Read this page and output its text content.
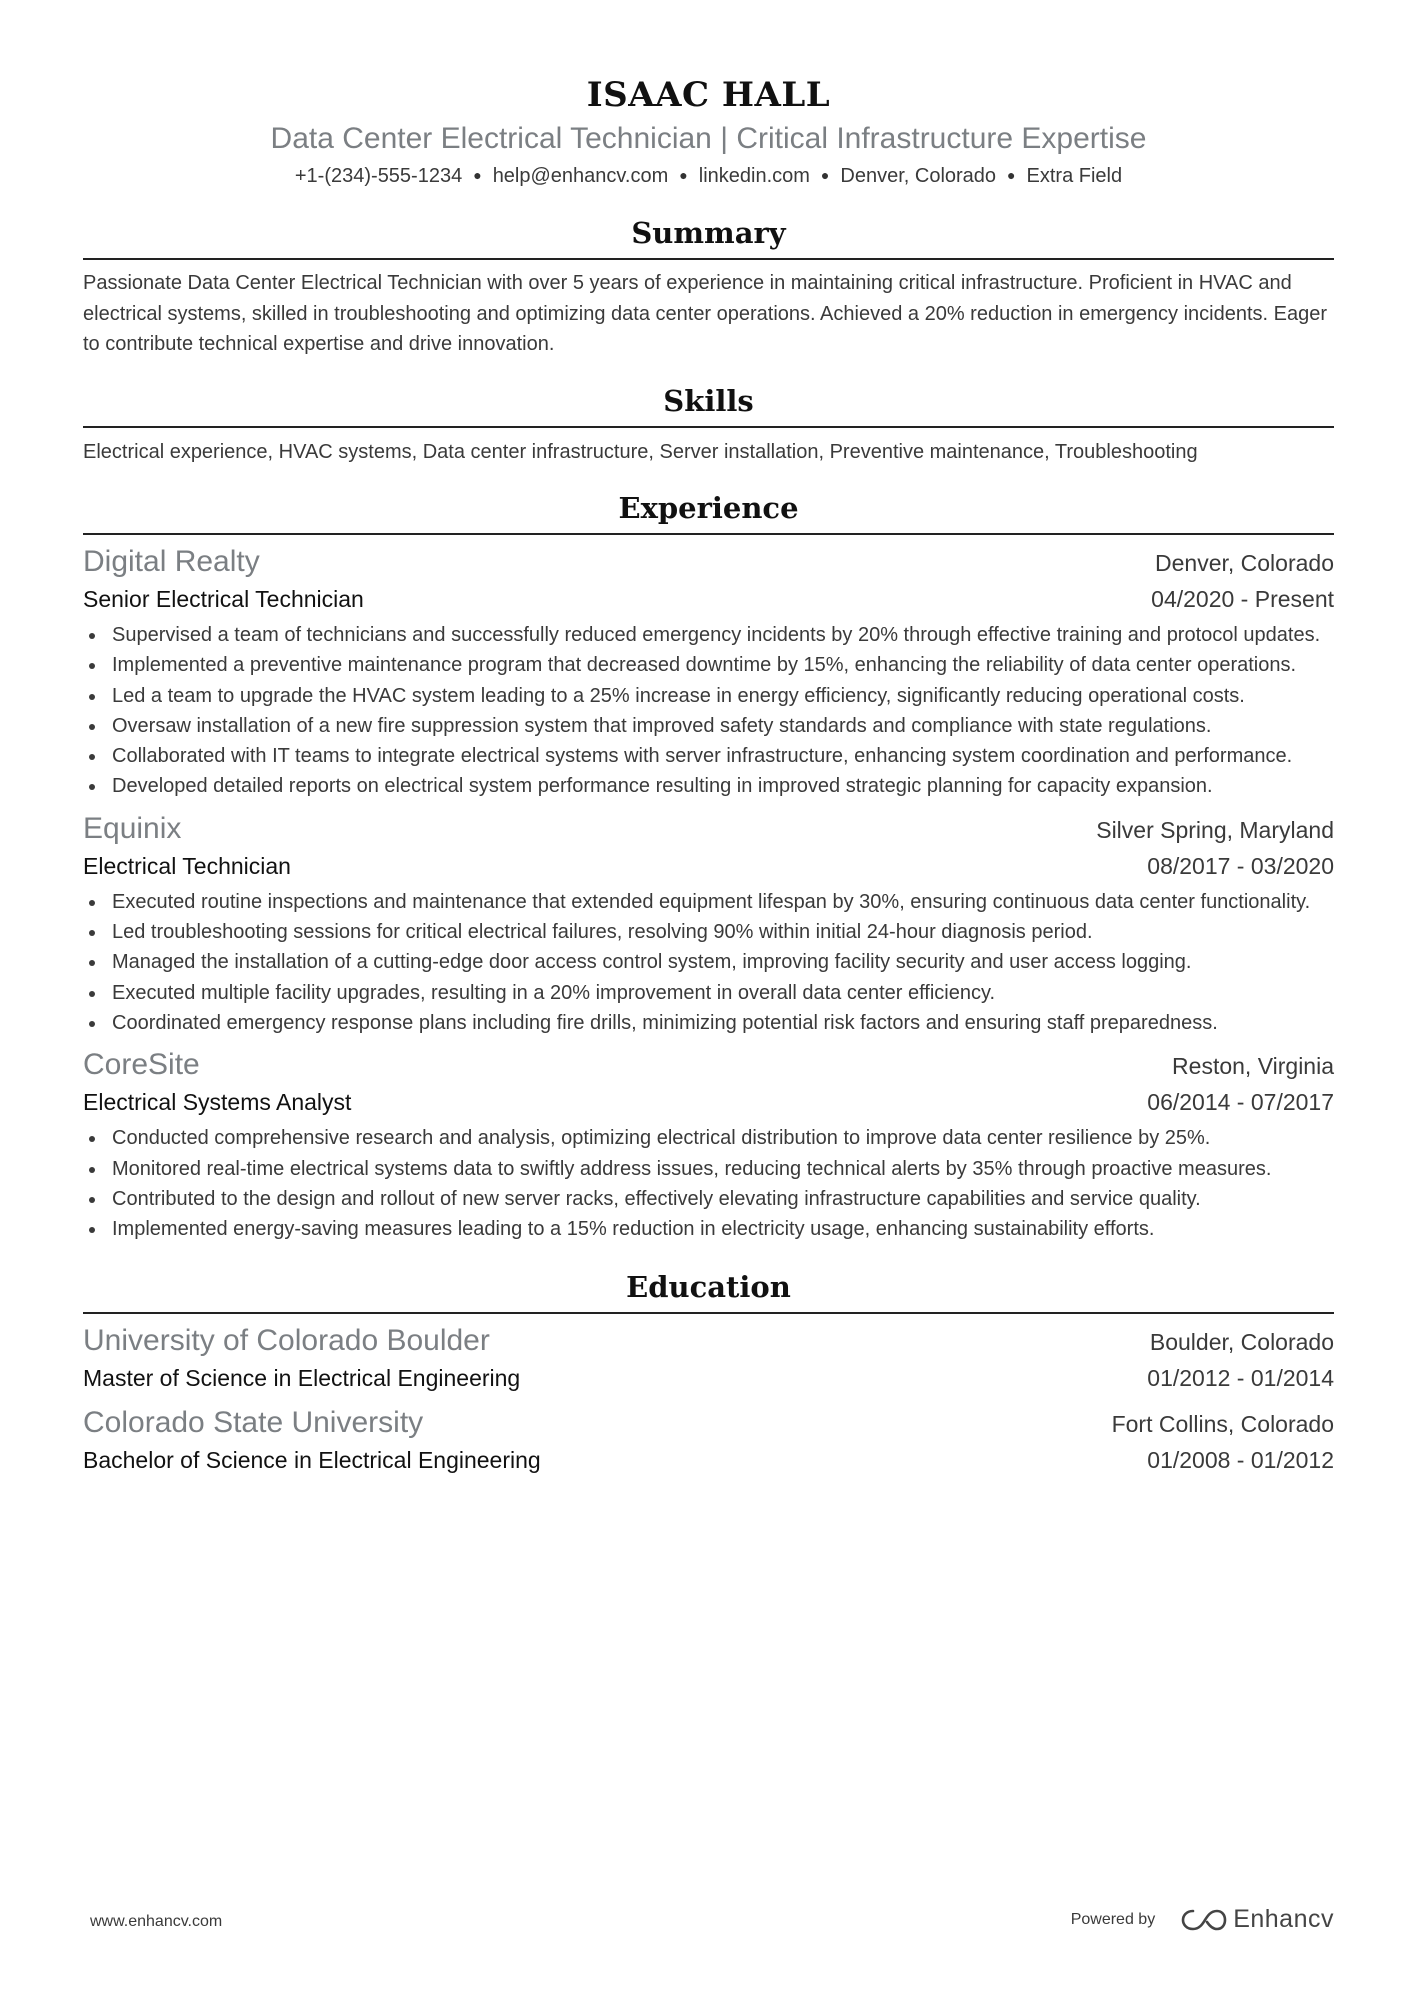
ISAAC HALL
Data Center Electrical Technician | Critical Infrastructure Expertise
+1-(234)-555-1234 ● help@enhancv.com ● linkedin.com ● Denver, Colorado ● Extra Field
Summary
Passionate Data Center Electrical Technician with over 5 years of experience in maintaining critical infrastructure. Proficient in HVAC and electrical systems, skilled in troubleshooting and optimizing data center operations. Achieved a 20% reduction in emergency incidents. Eager to contribute technical expertise and drive innovation.
Skills
Electrical experience, HVAC systems, Data center infrastructure, Server installation, Preventive maintenance, Troubleshooting
Experience
Digital Realty	Denver, Colorado
Senior Electrical Technician	04/2020 - Present
Supervised a team of technicians and successfully reduced emergency incidents by 20% through effective training and protocol updates.
Implemented a preventive maintenance program that decreased downtime by 15%, enhancing the reliability of data center operations.
Led a team to upgrade the HVAC system leading to a 25% increase in energy efficiency, significantly reducing operational costs.
Oversaw installation of a new fire suppression system that improved safety standards and compliance with state regulations.
Collaborated with IT teams to integrate electrical systems with server infrastructure, enhancing system coordination and performance.
Developed detailed reports on electrical system performance resulting in improved strategic planning for capacity expansion.
Equinix	Silver Spring, Maryland
Electrical Technician	08/2017 - 03/2020
Executed routine inspections and maintenance that extended equipment lifespan by 30%, ensuring continuous data center functionality.
Led troubleshooting sessions for critical electrical failures, resolving 90% within initial 24-hour diagnosis period.
Managed the installation of a cutting-edge door access control system, improving facility security and user access logging.
Executed multiple facility upgrades, resulting in a 20% improvement in overall data center efficiency.
Coordinated emergency response plans including fire drills, minimizing potential risk factors and ensuring staff preparedness.
CoreSite	Reston, Virginia
Electrical Systems Analyst	06/2014 - 07/2017
Conducted comprehensive research and analysis, optimizing electrical distribution to improve data center resilience by 25%.
Monitored real-time electrical systems data to swiftly address issues, reducing technical alerts by 35% through proactive measures.
Contributed to the design and rollout of new server racks, effectively elevating infrastructure capabilities and service quality.
Implemented energy-saving measures leading to a 15% reduction in electricity usage, enhancing sustainability efforts.
Education
University of Colorado Boulder	Boulder, Colorado
Master of Science in Electrical Engineering	01/2012 - 01/2014
Colorado State University	Fort Collins, Colorado
Bachelor of Science in Electrical Engineering	01/2008 - 01/2012
www.enhancv.com	Powered by	Enhancv
